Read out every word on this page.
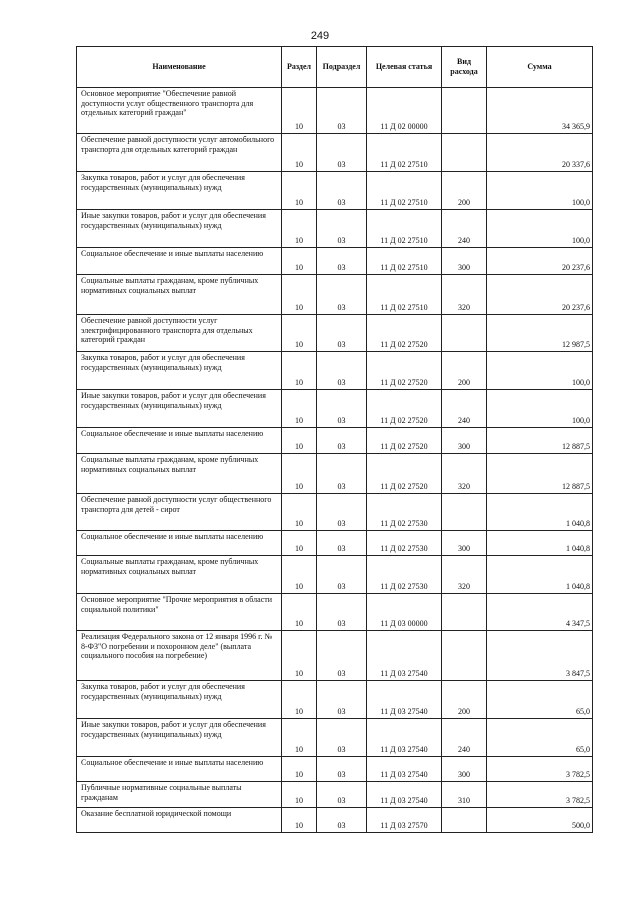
249
Наименование	Раздел	Подраздел	Целевая статья	Вид расхода	Сумма
Основное мероприятие "Обеспечение равной доступности услуг общественного транспорта для отдельных категорий граждан"	10	03	11 Д 02 00000		34 365,9
Обеспечение равной доступности услуг автомобильного транспорта для отдельных категорий граждан	10	03	11 Д 02 27510		20 337,6
Закупка товаров, работ и услуг для обеспечения государственных (муниципальных) нужд	10	03	11 Д 02 27510	200	100,0
Иные закупки товаров, работ и услуг для обеспечения государственных (муниципальных) нужд	10	03	11 Д 02 27510	240	100,0
Социальное обеспечение и иные выплаты населению	10	03	11 Д 02 27510	300	20 237,6
Социальные выплаты гражданам, кроме публичных нормативных социальных выплат	10	03	11 Д 02 27510	320	20 237,6
Обеспечение равной доступности услуг электрифицированного транспорта для отдельных категорий граждан	10	03	11 Д 02 27520		12 987,5
Закупка товаров, работ и услуг для обеспечения государственных (муниципальных) нужд	10	03	11 Д 02 27520	200	100,0
Иные закупки товаров, работ и услуг для обеспечения государственных (муниципальных) нужд	10	03	11 Д 02 27520	240	100,0
Социальное обеспечение и иные выплаты населению	10	03	11 Д 02 27520	300	12 887,5
Социальные выплаты гражданам, кроме публичных нормативных социальных выплат	10	03	11 Д 02 27520	320	12 887,5
Обеспечение равной доступности услуг общественного транспорта для детей - сирот	10	03	11 Д 02 27530		1 040,8
Социальное обеспечение и иные выплаты населению	10	03	11 Д 02 27530	300	1 040,8
Социальные выплаты гражданам, кроме публичных нормативных социальных выплат	10	03	11 Д 02 27530	320	1 040,8
Основное мероприятие "Прочие мероприятия в области социальной политики"	10	03	11 Д 03 00000		4 347,5
Реализация Федерального закона от 12 января 1996 г. № 8-ФЗ"О погребении и похоронном деле" (выплата социального пособия на погребение)	10	03	11 Д 03 27540		3 847,5
Закупка товаров, работ и услуг для обеспечения государственных (муниципальных) нужд	10	03	11 Д 03 27540	200	65,0
Иные закупки товаров, работ и услуг для обеспечения государственных (муниципальных) нужд	10	03	11 Д 03 27540	240	65,0
Социальное обеспечение и иные выплаты населению	10	03	11 Д 03 27540	300	3 782,5
Публичные нормативные социальные выплаты гражданам	10	03	11 Д 03 27540	310	3 782,5
Оказание бесплатной юридической помощи	10	03	11 Д 03 27570		500,0
